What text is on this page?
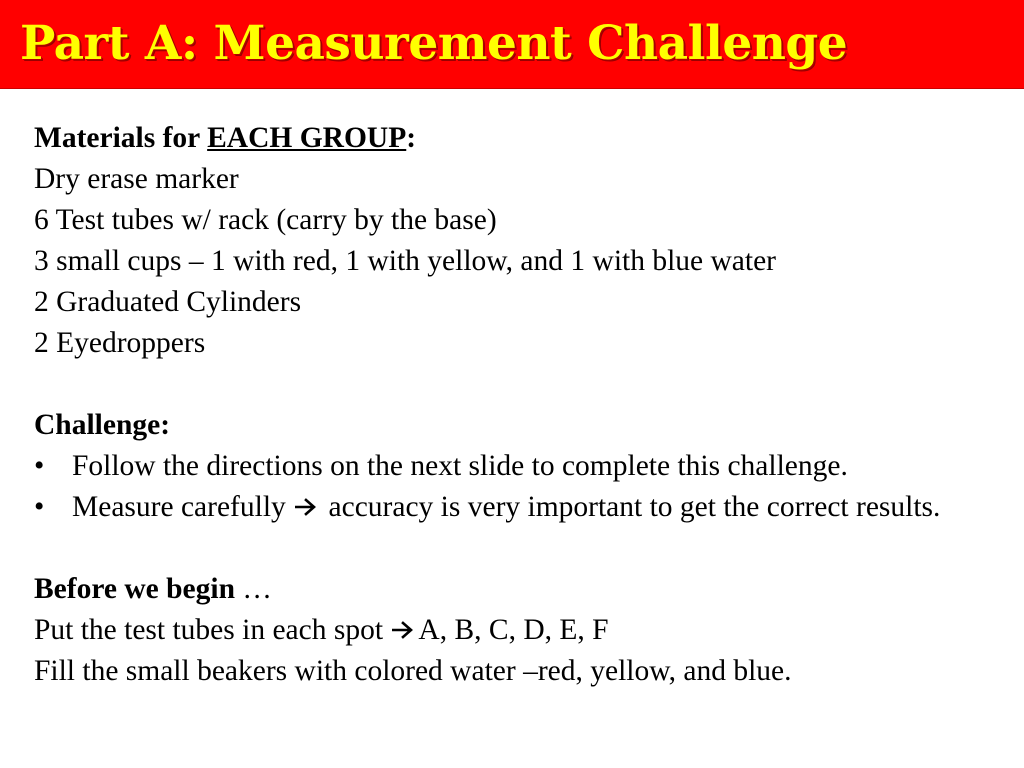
Part A: Measurement Challenge
Materials for EACH GROUP:
Dry erase marker
6 Test tubes w/ rack (carry by the base)
3 small cups – 1 with red, 1 with yellow, and 1 with blue water
2 Graduated Cylinders
2 Eyedroppers
Challenge:
• Follow the directions on the next slide to complete this challenge.
• Measure carefully accuracy is very important to get the correct results.
Before we begin …
Put the test tubes in each spot A, B, C, D, E, F
Fill the small beakers with colored water –red, yellow, and blue.
